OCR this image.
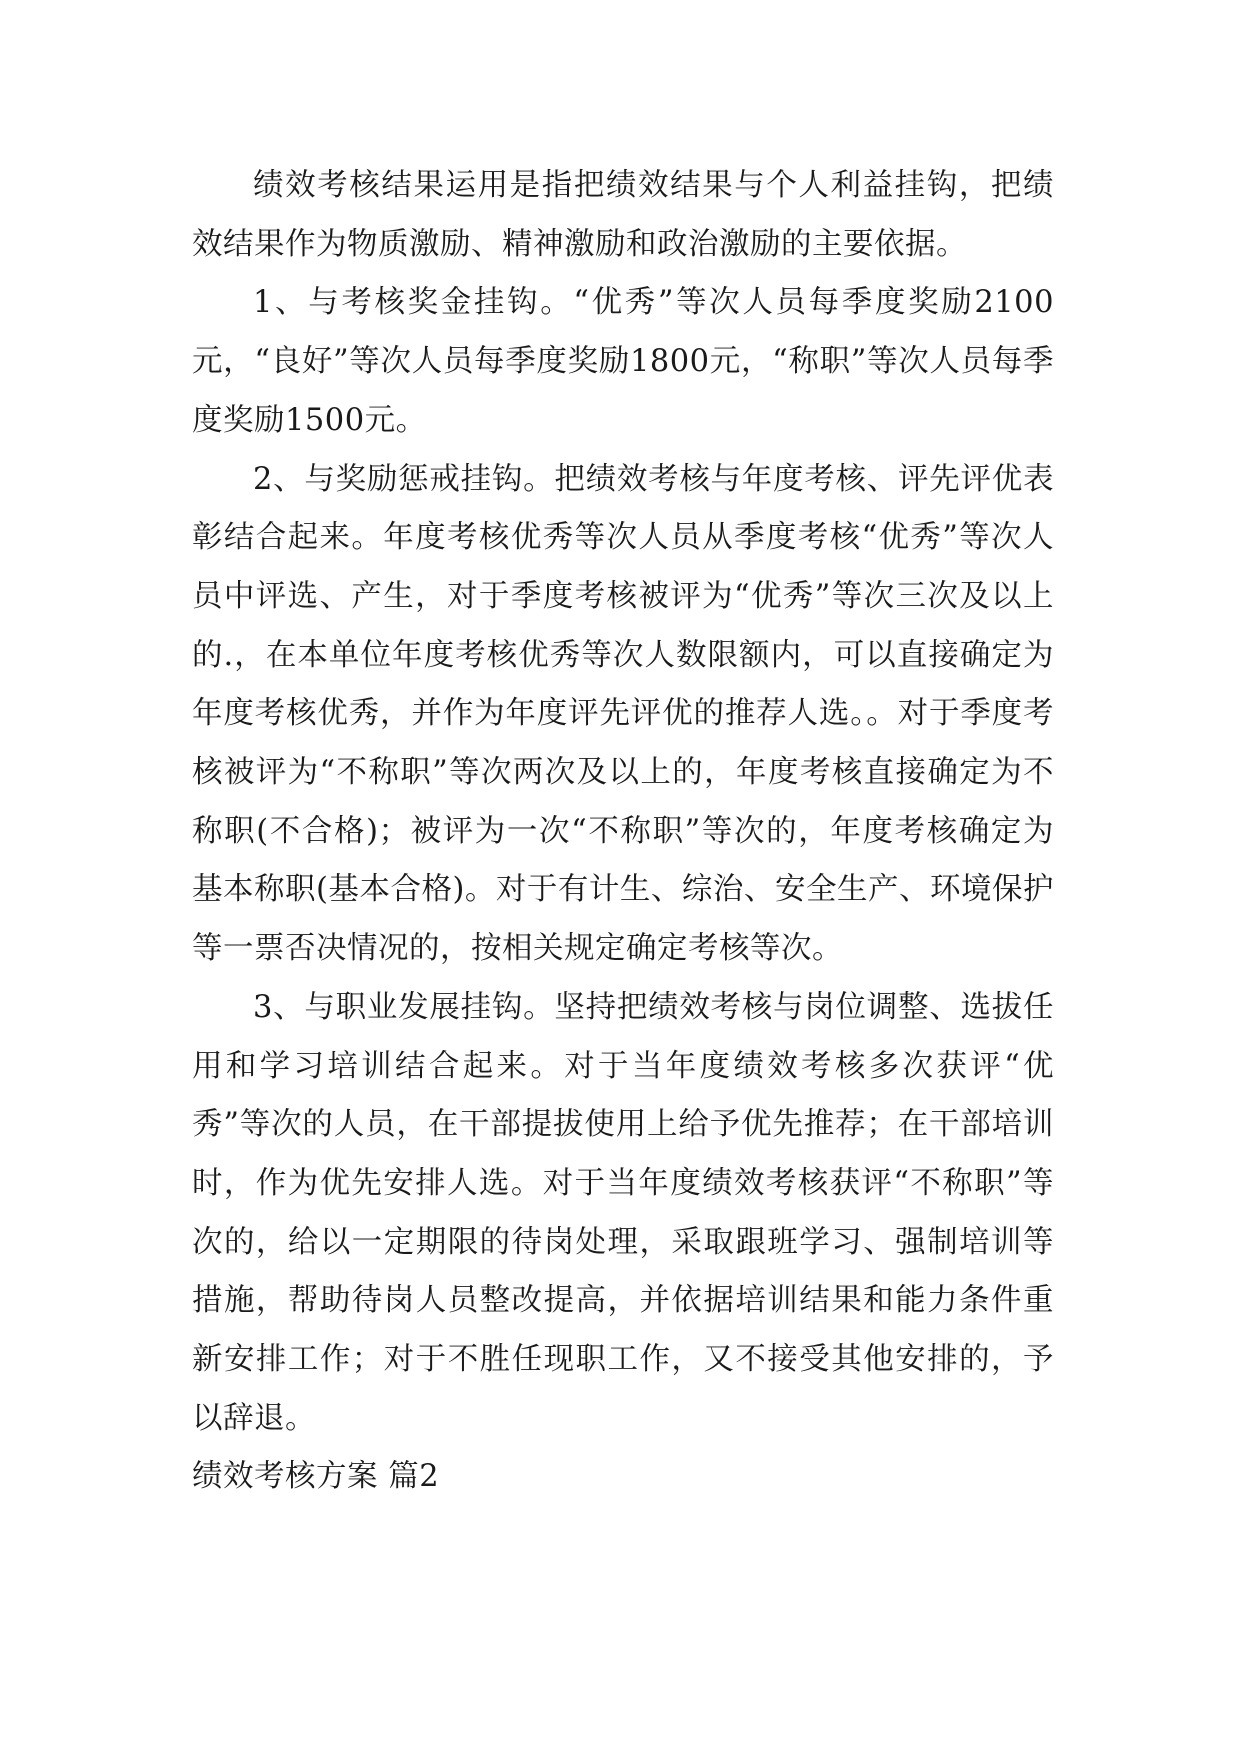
绩效考核结果运用是指把绩效结果与个人利益挂钩，把绩效结果作为物质激励、精神激励和政治激励的主要依据。

1、与考核奖金挂钩。“优秀”等次人员每季度奖励2100元，“良好”等次人员每季度奖励1800元，“称职”等次人员每季度奖励1500元。

2、与奖励惩戒挂钩。把绩效考核与年度考核、评先评优表彰结合起来。年度考核优秀等次人员从季度考核“优秀”等次人员中评选、产生，对于季度考核被评为“优秀”等次三次及以上的.，在本单位年度考核优秀等次人数限额内，可以直接确定为年度考核优秀，并作为年度评先评优的推荐人选。。对于季度考核被评为“不称职”等次两次及以上的，年度考核直接确定为不称职(不合格)；被评为一次“不称职”等次的，年度考核确定为基本称职(基本合格)。对于有计生、综治、安全生产、环境保护等一票否决情况的，按相关规定确定考核等次。

3、与职业发展挂钩。坚持把绩效考核与岗位调整、选拔任用和学习培训结合起来。对于当年度绩效考核多次获评“优秀”等次的人员，在干部提拔使用上给予优先推荐；在干部培训时，作为优先安排人选。对于当年度绩效考核获评“不称职”等次的，给以一定期限的待岗处理，采取跟班学习、强制培训等措施，帮助待岗人员整改提高，并依据培训结果和能力条件重新安排工作；对于不胜任现职工作，又不接受其他安排的，予以辞退。

绩效考核方案 篇2
